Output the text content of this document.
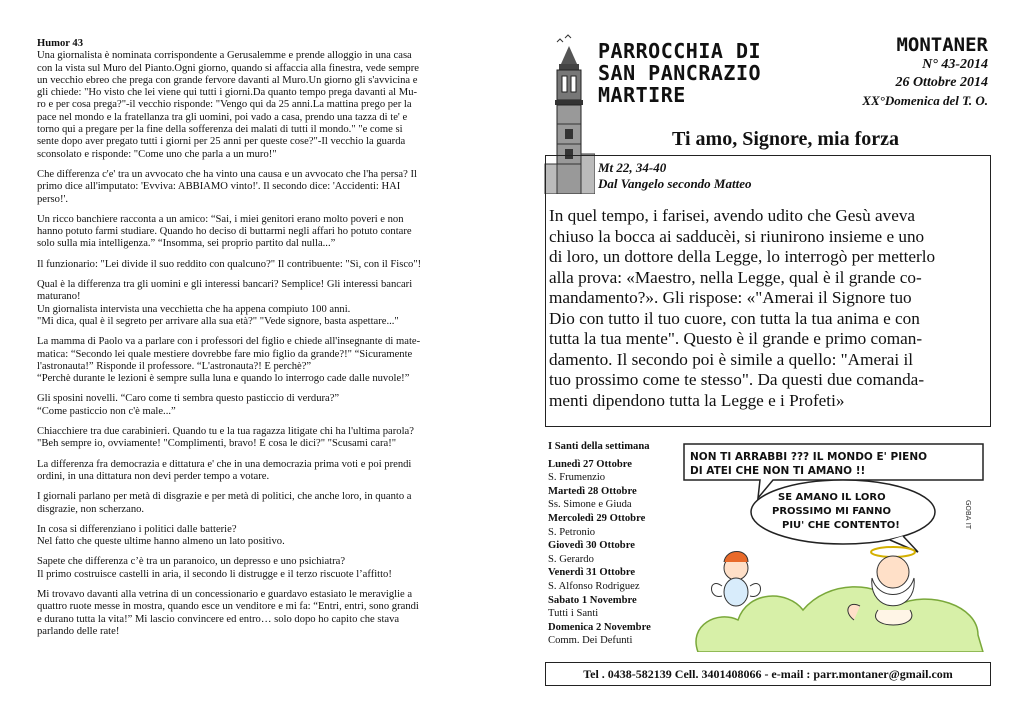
Humor 43

Una giornalista è nominata corrispondente a Gerusalemme e prende alloggio in una casa
con la vista sul Muro del Pianto.Ogni giorno, quando si affaccia alla finestra, vede sempre
un vecchio ebreo che prega con grande fervore davanti al Muro.Un giorno gli s'avvicina e
gli chiede: "Ho visto che lei viene qui tutti i giorni.Da quanto tempo prega davanti al Mu-
ro e per cosa prega?"-il vecchio risponde: "Vengo qui da 25 anni.La mattina prego per la
pace nel mondo e la fratellanza tra gli uomini, poi vado a casa, prendo una tazza di te' e
torno qui a pregare per la fine della sofferenza dei malati di tutti il mondo." "e come si
sente dopo aver pregato tutti i giorni per 25 anni per queste cose?"-Il vecchio la guarda
sconsolato e risponde: "Come uno che parla a un muro!"

Che differenza c'e' tra un avvocato che ha vinto una causa e un avvocato che l'ha persa? Il
primo dice all'imputato: 'Evviva: ABBIAMO vinto!'. Il secondo dice: 'Accidenti: HAI
perso!'.

Un ricco banchiere racconta a un amico: “Sai, i miei genitori erano molto poveri e non
hanno potuto farmi studiare. Quando ho deciso di buttarmi negli affari ho potuto contare
solo sulla mia intelligenza.” “Insomma, sei proprio partito dal nulla...”

Il funzionario: "Lei divide il suo reddito con qualcuno?" Il contribuente: "Sì, con il Fisco"!

Qual è la differenza tra gli uomini e gli interessi bancari? Semplice! Gli interessi bancari
maturano!
Un giornalista intervista una vecchietta che ha appena compiuto 100 anni.
"Mi dica, qual è il segreto per arrivare alla sua età?" "Vede signore, basta aspettare..."

La mamma di Paolo va a parlare con i professori del figlio e chiede all'insegnante di mate-
matica: “Secondo lei quale mestiere dovrebbe fare mio figlio da grande?!" “Sicuramente
l'astronauta!” Risponde il professore. “L'astronauta?! E perchè?”
“Perchè durante le lezioni è sempre sulla luna e quando lo interrogo cade dalle nuvole!”

Gli sposini novelli. “Caro come ti sembra questo pasticcio di verdura?”
“Come pasticcio non c'è male...”

Chiacchiere tra due carabinieri. Quando tu e la tua ragazza litigate chi ha l'ultima parola?
"Beh sempre io, ovviamente! "Complimenti, bravo! E cosa le dici?" "Scusami cara!"

La differenza fra democrazia e dittatura e' che in una democrazia prima voti e poi prendi
ordini, in una dittatura non devi perder tempo a votare.

I giornali parlano per metà di disgrazie e per metà di politici, che anche loro, in quanto a
disgrazie, non scherzano.

In cosa si differenziano i politici dalle batterie?
Nel fatto che queste ultime hanno almeno un lato positivo.

Sapete che differenza c’è tra un paranoico, un depresso e uno psichiatra?
Il primo costruisce castelli in aria, il secondo li distrugge e il terzo riscuote l’affitto!

Mi trovavo davanti alla vetrina di un concessionario e guardavo estasiato le meraviglie a
quattro ruote messe in mostra, quando esce un venditore e mi fa: “Entri, entri, sono grandi
e durano tutta la vita!” Mi lascio convincere ed entro… solo dopo ho capito che stava
parlando delle rate!

PARROCCHIA DI
SAN PANCRAZIO
MARTIRE
MONTANER
N° 43-2014
26 Ottobre 2014
XX°Domenica del T. O.
Ti amo, Signore, mia forza
Mt 22, 34-40
Dal Vangelo secondo Matteo
In quel tempo, i farisei, avendo udito che Gesù aveva
chiuso la bocca ai sadducèi, si riunirono insieme e uno
di loro, un dottore della Legge, lo interrogò per metterlo
alla prova: «Maestro, nella Legge, qual è il grande co-
mandamento?». Gli rispose: «"Amerai il Signore tuo
Dio con tutto il tuo cuore, con tutta la tua anima e con
tutta la tua mente". Questo è il grande e primo coman-
damento. Il secondo poi è simile a quello: "Amerai il
tuo prossimo come te stesso". Da questi due comanda-
menti dipendono tutta la Legge e i Profeti»
I Santi della settimana
Lunedì 27 Ottobre
S. Frumenzio
Martedì 28 Ottobre
Ss. Simone e Giuda
Mercoledì 29 Ottobre
S. Petronio
Giovedì 30 Ottobre
S. Gerardo
Venerdì 31 Ottobre
S. Alfonso Rodriguez
Sabato 1 Novembre
Tutti i Santi
Domenica 2 Novembre
Comm. Dei Defunti
NON TI ARRABBI ??? IL MONDO E' PIENO
DI ATEI CHE NON TI AMANO !!
SE AMANO IL LORO
PROSSIMO MI FANNO
PIU' CHE CONTENTO!	GOBA IT
Tel . 0438-582139 Cell. 3401408066 - e-mail : parr.montaner@gmail.com
